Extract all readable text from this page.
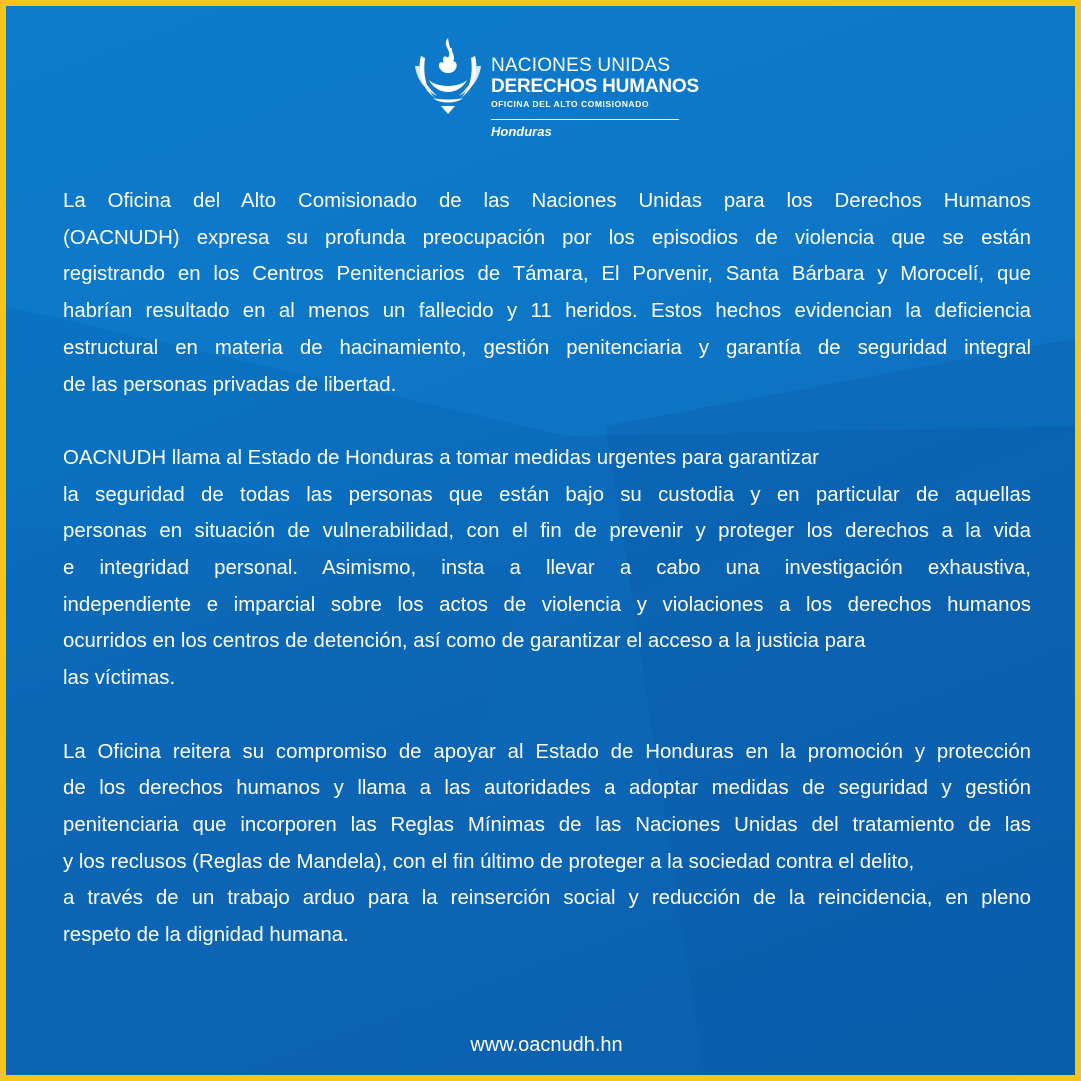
NACIONES UNIDAS
DERECHOS HUMANOS
OFICINA DEL ALTO COMISIONADO
Honduras
La Oficina del Alto Comisionado de las Naciones Unidas para los Derechos Humanos
(OACNUDH) expresa su profunda preocupación por los episodios de violencia que se están
registrando en los Centros Penitenciarios de Támara, El Porvenir, Santa Bárbara y Morocelí, que
habrían resultado en al menos un fallecido y 11 heridos. Estos hechos evidencian la deficiencia
estructural en materia de hacinamiento, gestión penitenciaria y garantía de seguridad integral
de las personas privadas de libertad.
OACNUDH llama al Estado de Honduras a tomar medidas urgentes para garantizar
la seguridad de todas las personas que están bajo su custodia y en particular de aquellas
personas en situación de vulnerabilidad, con el fin de prevenir y proteger los derechos a la vida
e integridad personal. Asimismo, insta a llevar a cabo una investigación exhaustiva,
independiente e imparcial sobre los actos de violencia y violaciones a los derechos humanos
ocurridos en los centros de detención, así como de garantizar el acceso a la justicia para
las víctimas.
La Oficina reitera su compromiso de apoyar al Estado de Honduras en la promoción y protección
de los derechos humanos y llama a las autoridades a adoptar medidas de seguridad y gestión
penitenciaria que incorporen las Reglas Mínimas de las Naciones Unidas del tratamiento de las
y los reclusos (Reglas de Mandela), con el fin último de proteger a la sociedad contra el delito,
a través de un trabajo arduo para la reinserción social y reducción de la reincidencia, en pleno
respeto de la dignidad humana.
www.oacnudh.hn
